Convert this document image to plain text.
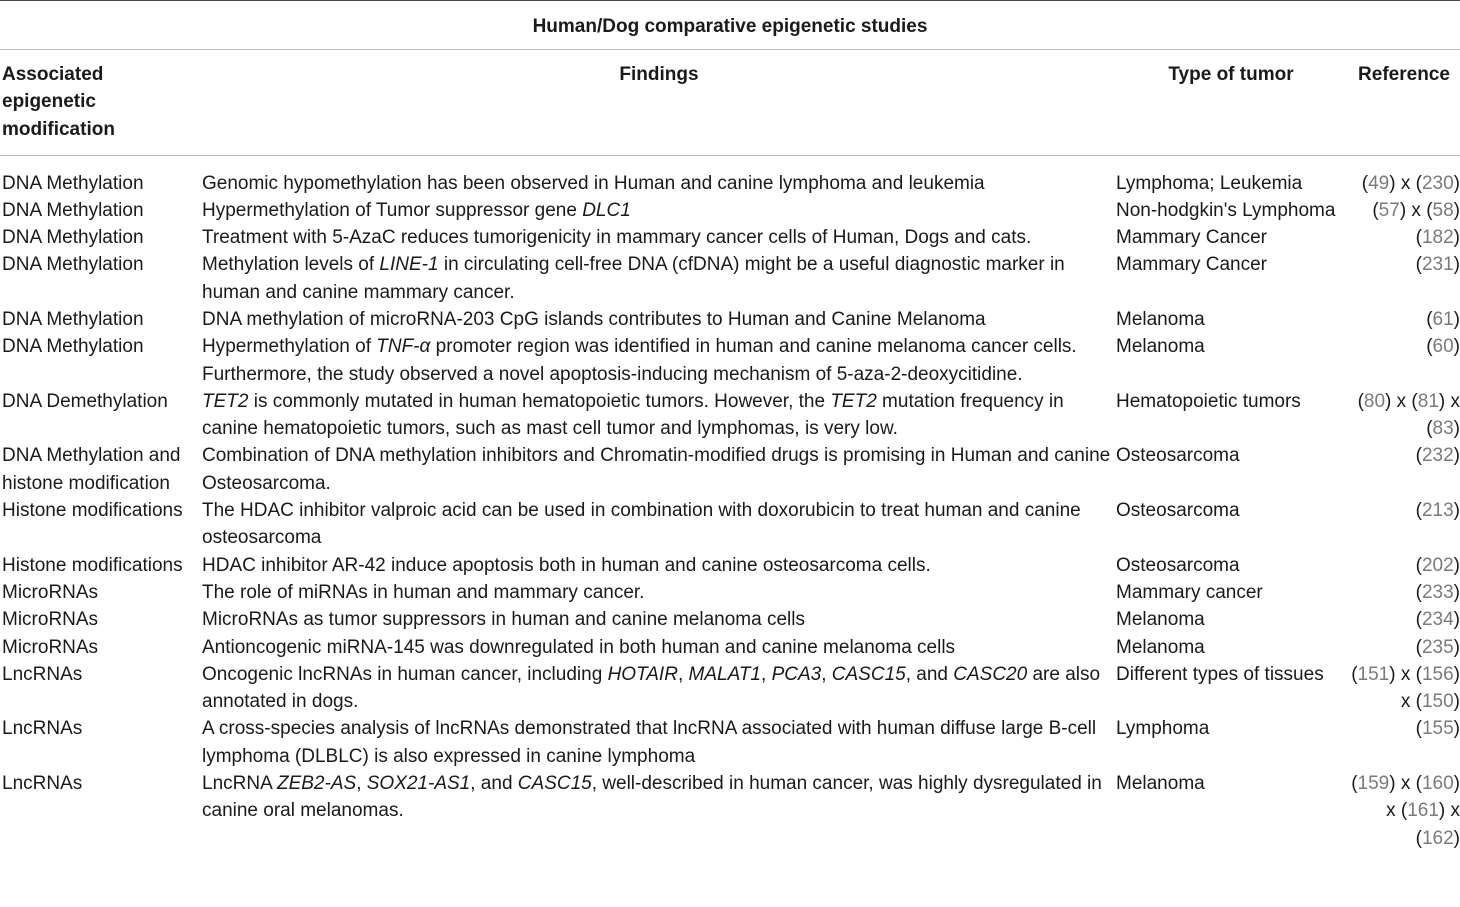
Human/Dog comparative epigenetic studies
Associated epigenetic modification	Findings	Type of tumor	Reference
DNA Methylation	Genomic hypomethylation has been observed in Human and canine lymphoma and leukemia	Lymphoma; Leukemia	(49) x (230)
DNA Methylation	Hypermethylation of Tumor suppressor gene DLC1	Non-hodgkin's Lymphoma	(57) x (58)
DNA Methylation	Treatment with 5-AzaC reduces tumorigenicity in mammary cancer cells of Human, Dogs and cats.	Mammary Cancer	(182)
DNA Methylation	Methylation levels of LINE-1 in circulating cell-free DNA (cfDNA) might be a useful diagnostic marker in human and canine mammary cancer.	Mammary Cancer	(231)
DNA Methylation	DNA methylation of microRNA-203 CpG islands contributes to Human and Canine Melanoma	Melanoma	(61)
DNA Methylation	Hypermethylation of TNF-α promoter region was identified in human and canine melanoma cancer cells. Furthermore, the study observed a novel apoptosis-inducing mechanism of 5-aza-2-deoxycitidine.	Melanoma	(60)
DNA Demethylation	TET2 is commonly mutated in human hematopoietic tumors. However, the TET2 mutation frequency in canine hematopoietic tumors, such as mast cell tumor and lymphomas, is very low.	Hematopoietic tumors	(80) x (81) x (83)
DNA Methylation and histone modification	Combination of DNA methylation inhibitors and Chromatin-modified drugs is promising in Human and canine Osteosarcoma.	Osteosarcoma	(232)
Histone modifications	The HDAC inhibitor valproic acid can be used in combination with doxorubicin to treat human and canine osteosarcoma	Osteosarcoma	(213)
Histone modifications	HDAC inhibitor AR-42 induce apoptosis both in human and canine osteosarcoma cells.	Osteosarcoma	(202)
MicroRNAs	The role of miRNAs in human and mammary cancer.	Mammary cancer	(233)
MicroRNAs	MicroRNAs as tumor suppressors in human and canine melanoma cells	Melanoma	(234)
MicroRNAs	Antioncogenic miRNA-145 was downregulated in both human and canine melanoma cells	Melanoma	(235)
LncRNAs	Oncogenic lncRNAs in human cancer, including HOTAIR, MALAT1, PCA3, CASC15, and CASC20 are also annotated in dogs.	Different types of tissues	(151) x (156) x (150)
LncRNAs	A cross-species analysis of lncRNAs demonstrated that lncRNA associated with human diffuse large B-cell lymphoma (DLBLC) is also expressed in canine lymphoma	Lymphoma	(155)
LncRNAs	LncRNA ZEB2-AS, SOX21-AS1, and CASC15, well-described in human cancer, was highly dysregulated in canine oral melanomas.	Melanoma	(159) x (160) x (161) x (162)
